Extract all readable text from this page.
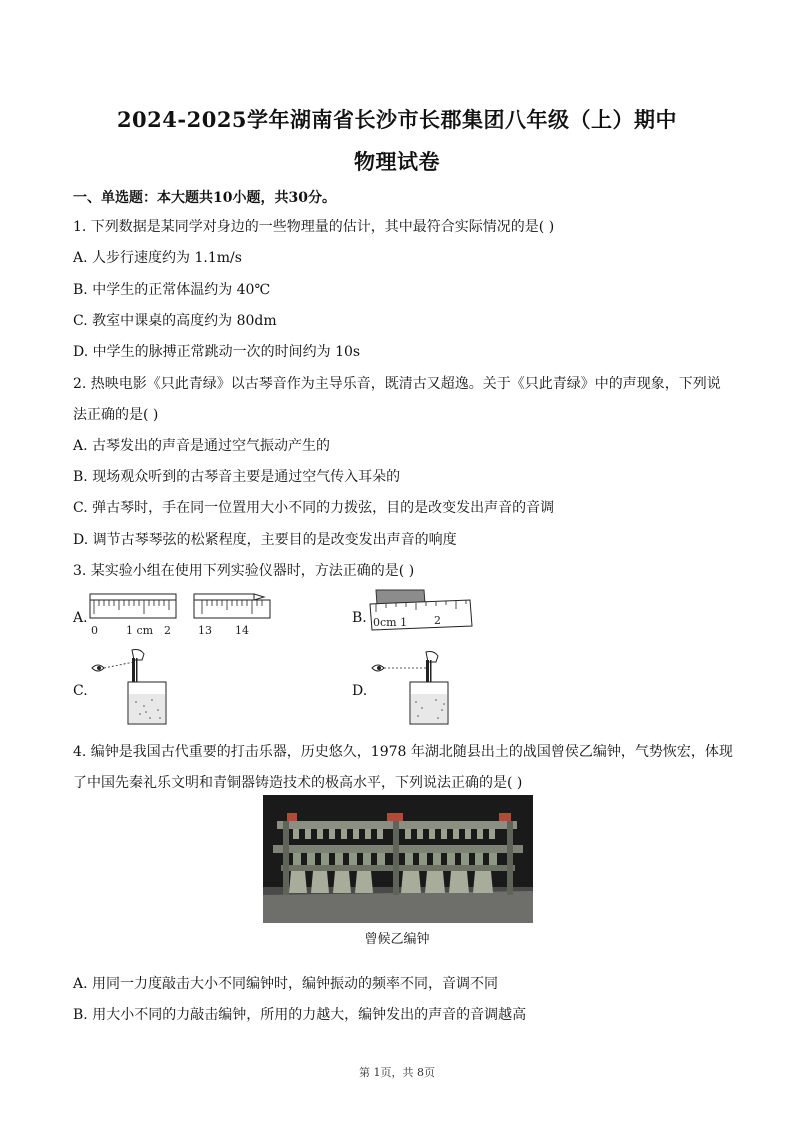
2024-2025学年湖南省长沙市长郡集团八年级（上）期中
物理试卷
一、单选题：本大题共10小题，共30分。
1. 下列数据是某同学对身边的一些物理量的估计，其中最符合实际情况的是( )
A. 人步行速度约为 1.1m/s
B. 中学生的正常体温约为 40℃
C. 教室中课桌的高度约为 80dm
D. 中学生的脉搏正常跳动一次的时间约为 10s
2. 热映电影《只此青绿》以古琴音作为主导乐音，既清古又超逸。关于《只此青绿》中的声现象，下列说
法正确的是( )
A. 古琴发出的声音是通过空气振动产生的
B. 现场观众听到的古琴音主要是通过空气传入耳朵的
C. 弹古琴时，手在同一位置用大小不同的力拨弦，目的是改变发出声音的音调
D. 调节古琴琴弦的松紧程度，主要目的是改变发出声音的响度
3. 某实验小组在使用下列实验仪器时，方法正确的是( )
A.
0	1 cm 2 13 14
B. 0cm 1 2
C.	D.
4. 编钟是我国古代重要的打击乐器，历史悠久，1978 年湖北随县出土的战国曾侯乙编钟，气势恢宏，体现
了中国先秦礼乐文明和青铜器铸造技术的极高水平，下列说法正确的是( )
曾候乙编钟
A. 用同一力度敲击大小不同编钟时，编钟振动的频率不同，音调不同
B. 用大小不同的力敲击编钟，所用的力越大，编钟发出的声音的音调越高
第 1页，共 8页
